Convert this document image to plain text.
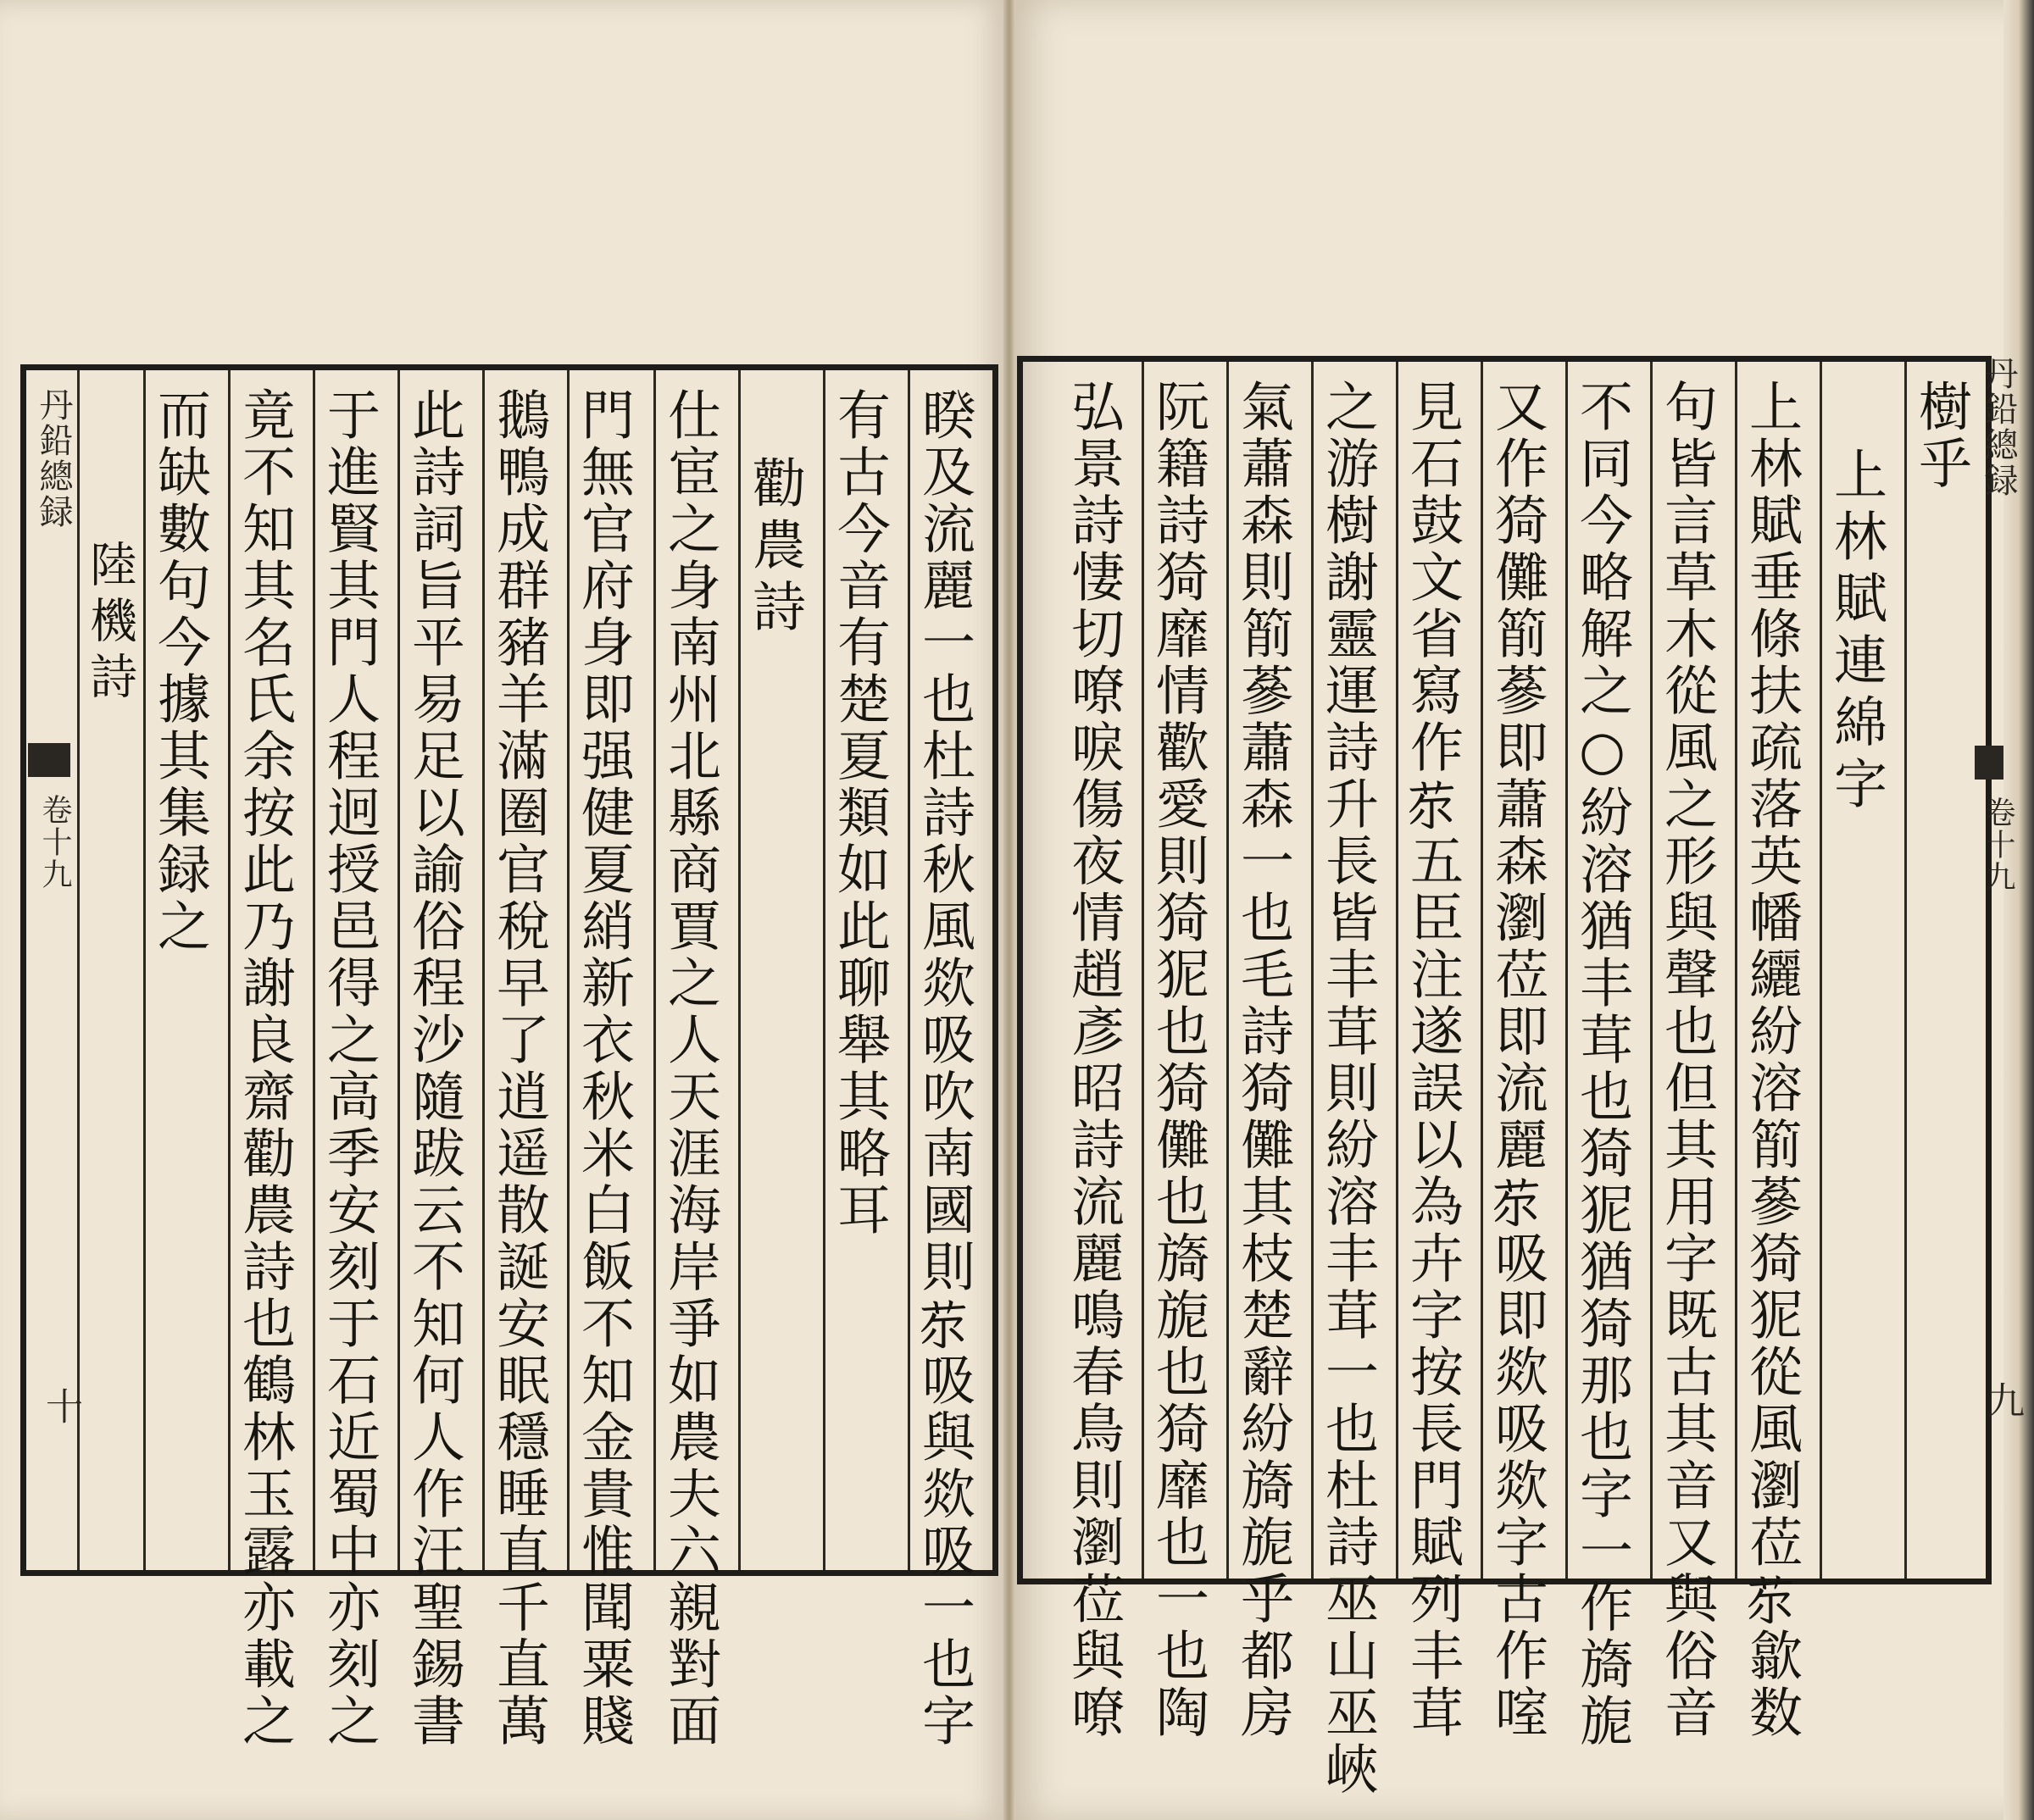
睽及流麗一也杜詩秋風欻吸吹南國則𦬼吸與欻吸一也字
有古今音有楚夏類如此聊舉其略耳
勸農詩
仕宦之身南州北縣商賈之人天涯海岸爭如農夫六親對面
門無官府身即强健夏綃新衣秋米白飯不知金貴惟聞粟賤
鵝鴨成群豬羊滿圈官稅早了逍遥散誕安眠穩睡直千直萬
此詩詞旨平易足以諭俗程沙隨跋云不知何人作汪聖錫書
于進賢其門人程迥授邑得之高季安刻于石近蜀中亦刻之
竟不知其名氏余按此乃謝良齋勸農詩也鶴林玉露亦載之
而缺數句今據其集録之
陸機詩
丹鉛總録
卷十九
十
樹乎
上林賦連綿字
上林賦垂條扶疏落英幡纚紛溶箾蔘猗狔從風瀏莅𦬼歙数
句皆言草木從風之形與聲也但其用字既古其音又與俗音
不同今略解之○紛溶猶丰茸也猗狔猶猗那也字一作旖旎
又作猗儺箾蔘即蕭森瀏莅即流麗𦬼吸即欻吸欻字古作㗌
見石鼓文省寫作𦬼五臣注遂誤以為卉字按長門賦列丰茸
之游樹謝靈運詩升長皆丰茸則紛溶丰茸一也杜詩巫山巫峽
氣蕭森則箾蔘蕭森一也毛詩猗儺其枝楚辭紛旖旎乎都房
阮籍詩猗靡情歡愛則猗狔也猗儺也旖旎也猗靡也一也陶
弘景詩悽切嘹唳傷夜情趙彥昭詩流麗鳴春鳥則瀏莅與嘹	丹鉛總録
卷十九
九
